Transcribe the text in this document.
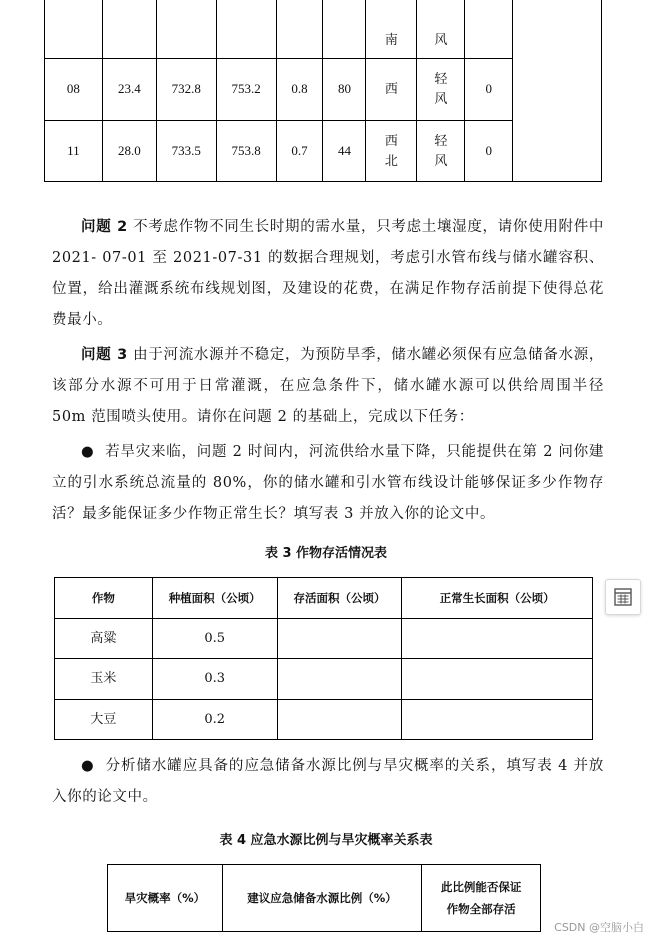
						南	风		
08	23.4	732.8	753.2	0.8	80	西	轻风	0	
11	28.0	733.5	753.8	0.7	44	西北	轻风	0	
问题 2 不考虑作物不同生长时期的需水量，只考虑土壤湿度，请你使用附件中 2021- 07-01 至 2021-07-31 的数据合理规划，考虑引水管布线与储水罐容积、位置，给出灌溉系统布线规划图，及建设的花费，在满足作物存活前提下使得总花费最小。
问题 3 由于河流水源并不稳定，为预防旱季，储水罐必须保有应急储备水源，该部分水源不可用于日常灌溉，在应急条件下，储水罐水源可以供给周围半径 50m 范围喷头使用。请你在问题 2 的基础上，完成以下任务：
●  若旱灾来临，问题 2 时间内，河流供给水量下降，只能提供在第 2 问你建立的引水系统总流量的 80%，你的储水罐和引水管布线设计能够保证多少作物存活？最多能保证多少作物正常生长？填写表 3 并放入你的论文中。
表 3 作物存活情况表
作物	种植面积（公顷）	存活面积（公顷）	正常生长面积（公顷）
高粱	0.5		
玉米	0.3		
大豆	0.2		
●  分析储水罐应具备的应急储备水源比例与旱灾概率的关系，填写表 4 并放入你的论文中。
表 4 应急水源比例与旱灾概率关系表
旱灾概率（%）	建议应急储备水源比例（%）	此比例能否保证作物全部存活
CSDN @空脑小白
